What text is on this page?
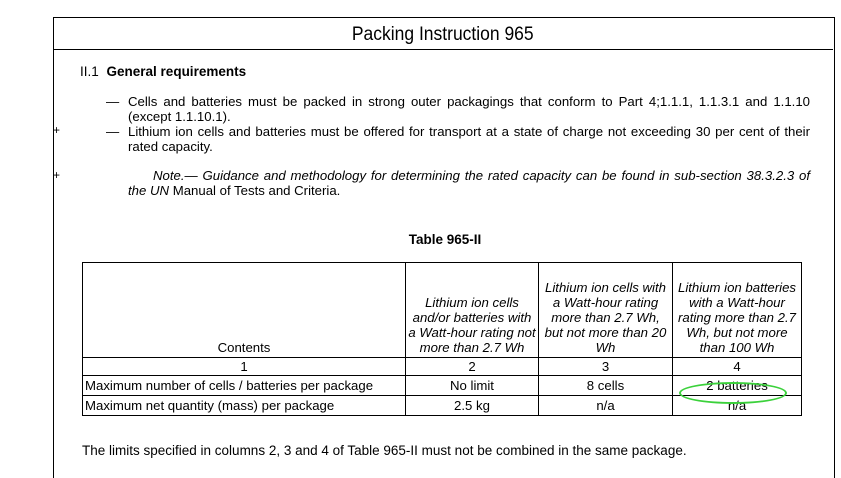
Packing Instruction 965
II.1 General requirements
— Cells and batteries must be packed in strong outer packagings that conform to Part 4;1.1.1, 1.1.3.1 and 1.1.10 (except 1.1.10.1).
+	— Lithium ion cells and batteries must be offered for transport at a state of charge not exceeding 30 per cent of their rated capacity.
+	Note.— Guidance and methodology for determining the rated capacity can be found in sub-section 38.3.2.3 of the UN Manual of Tests and Criteria.
Table 965-II
Contents	Lithium ion cells and/or batteries with a Watt-hour rating not more than 2.7 Wh	Lithium ion cells with a Watt-hour rating more than 2.7 Wh, but not more than 20 Wh	Lithium ion batteries with a Watt-hour rating more than 2.7 Wh, but not more than 100 Wh
1	2	3	4
Maximum number of cells / batteries per package	No limit	8 cells	2 batteries
Maximum net quantity (mass) per package	2.5 kg	n/a	n/a
The limits specified in columns 2, 3 and 4 of Table 965-II must not be combined in the same package.
